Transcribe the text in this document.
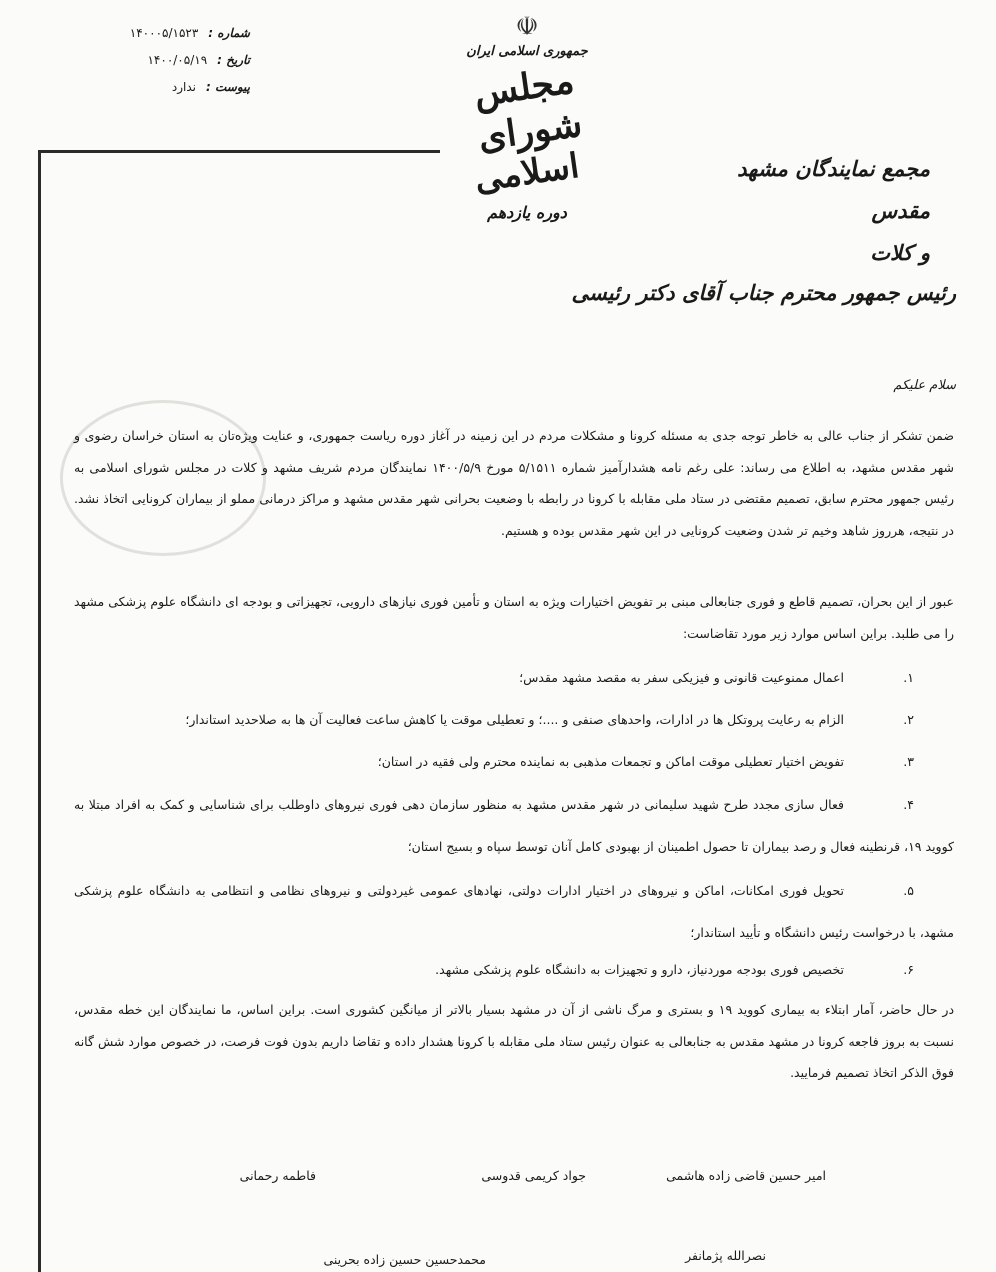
شماره :
۱۴۰۰۰۵/۱۵۲۳
تاریخ :
۱۴۰۰/۰۵/۱۹
پیوست :
ندارد
☫
جمهوری اسلامی ایران
مجلس شورای
اسلامی
دوره یازدهم
مجمع نمایندگان مشهد مقدس
و کلات
رئیس جمهور محترم جناب آقای دکتر رئیسی
سلام علیکم
ضمن تشکر از جناب عالی به خاطر توجه جدی به مسئله کرونا و مشکلات مردم در این زمینه در آغاز دوره ریاست جمهوری، و عنایت ویژه‌تان به استان خراسان رضوی و شهر مقدس مشهد، به اطلاع می رساند: علی رغم نامه هشدارآمیز شماره ۵/۱۵۱۱ مورخ ۱۴۰۰/۵/۹ نمایندگان مردم شریف مشهد و کلات در مجلس شورای اسلامی به رئیس جمهور محترم سابق، تصمیم مقتضی در ستاد ملی مقابله با کرونا در رابطه با وضعیت بحرانی شهر مقدس مشهد و مراکز درمانی مملو از بیماران کرونایی اتخاذ نشد. در نتیجه، هرروز شاهد وخیم تر شدن وضعیت کرونایی در این شهر مقدس بوده و هستیم.
عبور از این بحران، تصمیم قاطع و فوری جنابعالی مبنی بر تفویض اختیارات ویژه به استان و تأمین فوری نیازهای دارویی، تجهیزاتی و بودجه ای دانشگاه علوم پزشکی مشهد را می طلبد. براین اساس موارد زیر مورد تقاضاست:
۱.
اعمال ممنوعیت قانونی و فیزیکی سفر به مقصد مشهد مقدس؛
۲.
الزام به رعایت پروتکل ها در ادارات، واحدهای صنفی و ....؛ و تعطیلی موقت یا کاهش ساعت فعالیت آن ها به صلاحدید استاندار؛
۳.
تفویض اختیار تعطیلی موقت اماکن و تجمعات مذهبی به نماینده محترم ولی فقیه در استان؛
۴.
فعال سازی مجدد طرح شهید سلیمانی در شهر مقدس مشهد به منظور سازمان دهی فوری نیروهای داوطلب برای شناسایی و کمک به افراد مبتلا به کووید ۱۹، قرنطینه فعال و رصد بیماران تا حصول اطمینان از بهبودی کامل آنان توسط سپاه و بسیج استان؛
۵.
تحویل فوری امکانات، اماکن و نیروهای در اختیار ادارات دولتی، نهادهای عمومی غیردولتی و نیروهای نظامی و انتظامی به دانشگاه علوم پزشکی مشهد، با درخواست رئیس دانشگاه و تأیید استاندار؛
۶.
تخصیص فوری بودجه موردنیاز، دارو و تجهیزات به دانشگاه علوم پزشکی مشهد.
در حال حاضر، آمار ابتلاء به بیماری کووید ۱۹ و بستری و مرگ ناشی از آن در مشهد بسیار بالاتر از میانگین کشوری است. براین اساس، ما نمایندگان این خطه مقدس، نسبت به بروز فاجعه کرونا در مشهد مقدس به جنابعالی به عنوان رئیس ستاد ملی مقابله با کرونا هشدار داده و تقاضا داریم بدون فوت فرصت، در خصوص موارد شش گانه فوق الذکر اتخاذ تصمیم فرمایید.
امیر حسین قاضی زاده هاشمی
جواد کریمی قدوسی
فاطمه رحمانی
نصرالله پژمانفر
محمدحسین حسین زاده بحرینی
